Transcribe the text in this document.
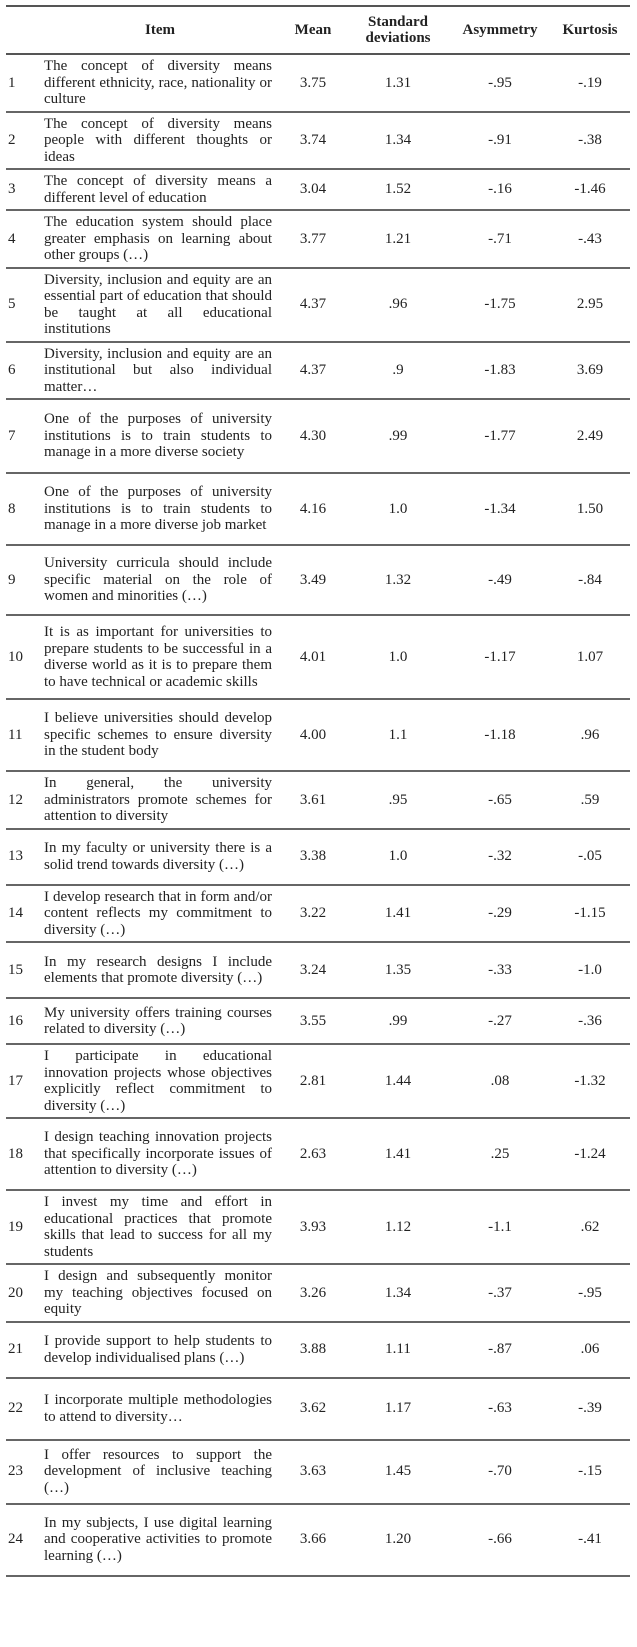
	Item	Mean	Standard deviations	Asymmetry	Kurtosis
1	The concept of diversity means different ethnicity, race, nationality or culture	3.75	1.31	-.95	-.19
2	The concept of diversity means people with different thoughts or ideas	3.74	1.34	-.91	-.38
3	The concept of diversity means a different level of education	3.04	1.52	-.16	-1.46
4	The education system should place greater emphasis on learning about other groups (…)	3.77	1.21	-.71	-.43
5	Diversity, inclusion and equity are an essential part of education that should be taught at all educational institutions	4.37	.96	-1.75	2.95
6	Diversity, inclusion and equity are an institutional but also individual matter…	4.37	.9	-1.83	3.69
7	One of the purposes of university institutions is to train students to manage in a more diverse society	4.30	.99	-1.77	2.49
8	One of the purposes of university institutions is to train students to manage in a more diverse job market	4.16	1.0	-1.34	1.50
9	University curricula should include specific material on the role of women and minorities (…)	3.49	1.32	-.49	-.84
10	It is as important for universities to prepare students to be successful in a diverse world as it is to prepare them to have technical or academic skills	4.01	1.0	-1.17	1.07
11	I believe universities should develop specific schemes to ensure diversity in the student body	4.00	1.1	-1.18	.96
12	In general, the university administrators promote schemes for attention to diversity	3.61	.95	-.65	.59
13	In my faculty or university there is a solid trend towards diversity (…)	3.38	1.0	-.32	-.05
14	I develop research that in form and/or content reflects my commitment to diversity (…)	3.22	1.41	-.29	-1.15
15	In my research designs I include elements that promote diversity (…)	3.24	1.35	-.33	-1.0
16	My university offers training courses related to diversity (…)	3.55	.99	-.27	-.36
17	I participate in educational innovation projects whose objectives explicitly reflect commitment to diversity (…)	2.81	1.44	.08	-1.32
18	I design teaching innovation projects that specifically incorporate issues of attention to diversity (…)	2.63	1.41	.25	-1.24
19	I invest my time and effort in educational practices that promote skills that lead to success for all my students	3.93	1.12	-1.1	.62
20	I design and subsequently monitor my teaching objectives focused on equity	3.26	1.34	-.37	-.95
21	I provide support to help students to develop individualised plans (…)	3.88	1.11	-.87	.06
22	I incorporate multiple methodologies to attend to diversity…	3.62	1.17	-.63	-.39
23	I offer resources to support the development of inclusive teaching (…)	3.63	1.45	-.70	-.15
24	In my subjects, I use digital learning and cooperative activities to promote learning (…)	3.66	1.20	-.66	-.41
